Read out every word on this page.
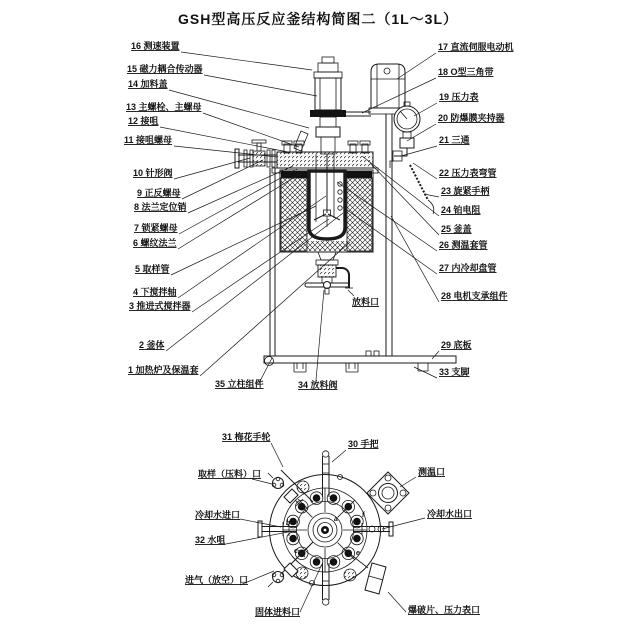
GSH型高压反应釜结构简图二（1L～3L）
a
b
c	e
f
16 测速装置
15 磁力耦合传动器
14 加料盖
13 主螺栓、主螺母
12 接咀
11 接咀螺母
10 针形阀
9 正反螺母
8 法兰定位销
7 锁紧螺母
6 螺纹法兰
5 取样管
4 下搅拌轴
3 推进式搅拌器
2 釜体
1 加热炉及保温套
17 直流伺服电动机
18 O型三角带
19 压力表
20 防爆膜夹持器
21 三通
22 压力表弯管
23 旋紧手柄
24 铂电阻
25 釜盖
26 测温套管
27 内冷却盘管
28 电机支承组件
29 底板
33 支脚
35 立柱组件	34 放料阀
放料口
31 梅花手轮
30 手把
取样（压料）口	测温口
冷却水进口	冷却水出口
32 水咀
进气（放空）口
固体进料口	爆破片、压力表口
